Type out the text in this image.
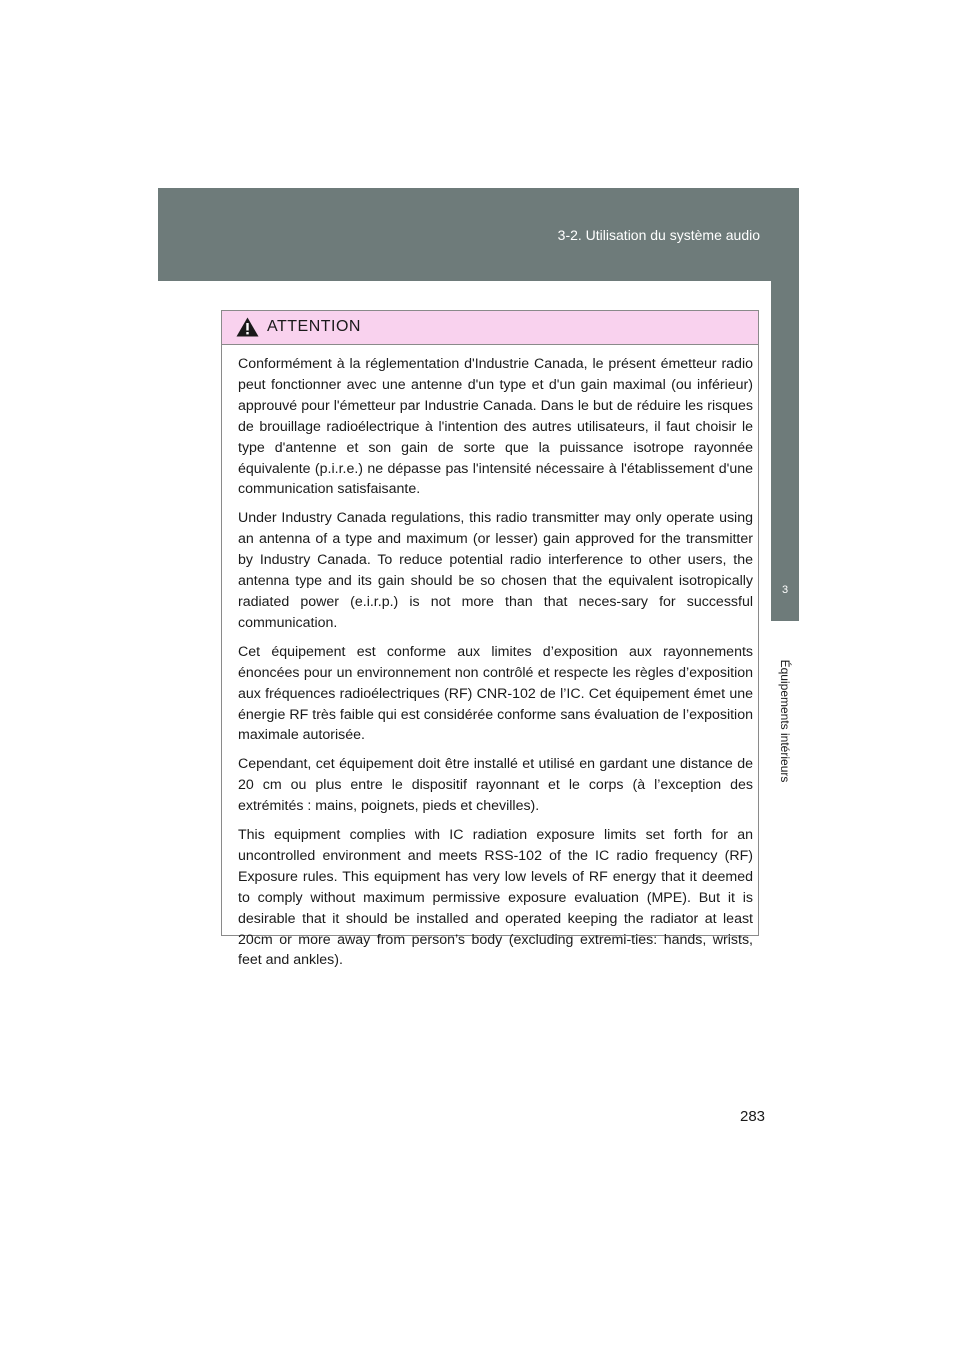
3-2. Utilisation du système audio
3
Équipements intérieurs
ATTENTION

Conformément à la réglementation d'Industrie Canada, le présent émetteur radio peut fonctionner avec une antenne d'un type et d'un gain maximal (ou inférieur) approuvé pour l'émetteur par Industrie Canada. Dans le but de réduire les risques de brouillage radioélectrique à l'intention des autres utilisateurs, il faut choisir le type d'antenne et son gain de sorte que la puissance isotrope rayonnée équivalente (p.i.r.e.) ne dépasse pas l'intensité nécessaire à l'établissement d'une communication satisfaisante.

Under Industry Canada regulations, this radio transmitter may only operate using an antenna of a type and maximum (or lesser) gain approved for the transmitter by Industry Canada. To reduce potential radio interference to other users, the antenna type and its gain should be so chosen that the equivalent isotropically radiated power (e.i.r.p.) is not more than that neces-sary for successful communication.

Cet équipement est conforme aux limites d’exposition aux rayonnements énoncées pour un environnement non contrôlé et respecte les règles d’exposition aux fréquences radioélectriques (RF) CNR-102 de l’IC. Cet équipement émet une énergie RF très faible qui est considérée conforme sans évaluation de l’exposition maximale autorisée.

Cependant, cet équipement doit être installé et utilisé en gardant une distance de 20 cm ou plus entre le dispositif rayonnant et le corps (à l’exception des extrémités : mains, poignets, pieds et chevilles).

This equipment complies with IC radiation exposure limits set forth for an uncontrolled environment and meets RSS-102 of the IC radio frequency (RF) Exposure rules. This equipment has very low levels of RF energy that it deemed to comply without maximum permissive exposure evaluation (MPE). But it is desirable that it should be installed and operated keeping the radiator at least 20cm or more away from person’s body (excluding extremi-ties: hands, wrists, feet and ankles).

283
